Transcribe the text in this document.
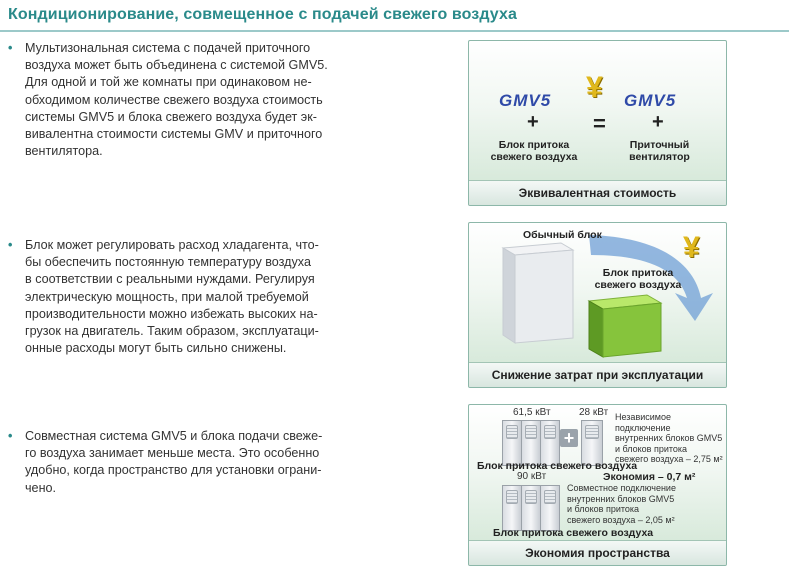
Кондиционирование, совмещенное с подачей свежего воздуха
• Мультизональная система с подачей приточного
воздуха может быть объединена с системой GMV5.
Для одной и той же комнаты при одинаковом не-
обходимом количестве свежего воздуха стоимость
системы GMV5 и блока свежего воздуха будет эк-
вивалентна стоимости системы GMV и приточного
вентилятора.
• Блок может регулировать расход хладагента, что-
бы обеспечить постоянную температуру воздуха
в соответствии с реальными нуждами. Регулируя
электрическую мощность, при малой требуемой
производительности можно избежать высоких на-
грузок на двигатель. Таким образом, эксплуатаци-
онные расходы могут быть сильно снижены.
• Совместная система GMV5 и блока подачи свеже-
го воздуха занимает меньше места. Это особенно
удобно, когда пространство для установки ограни-
чено.
¥
GMV5	GMV5
+ = +
Блок притока
свежего воздуха
Приточный
вентилятор
Эквивалентная стоимость
¥
Обычный блок
Блок притока
свежего воздуха
Снижение затрат при эксплуатации
61,5 кВт	28 кВт
+
Независимое подключение
внутренних блоков GMV5
и блоков притока
свежего воздуха – 2,75 м²
Блок притока свежего воздуха
Экономия – 0,7 м²
90 кВт
Совместное подключение
внутренних блоков GMV5
и блоков притока
свежего воздуха – 2,05 м²
Блок притока свежего воздуха
Экономия пространства
